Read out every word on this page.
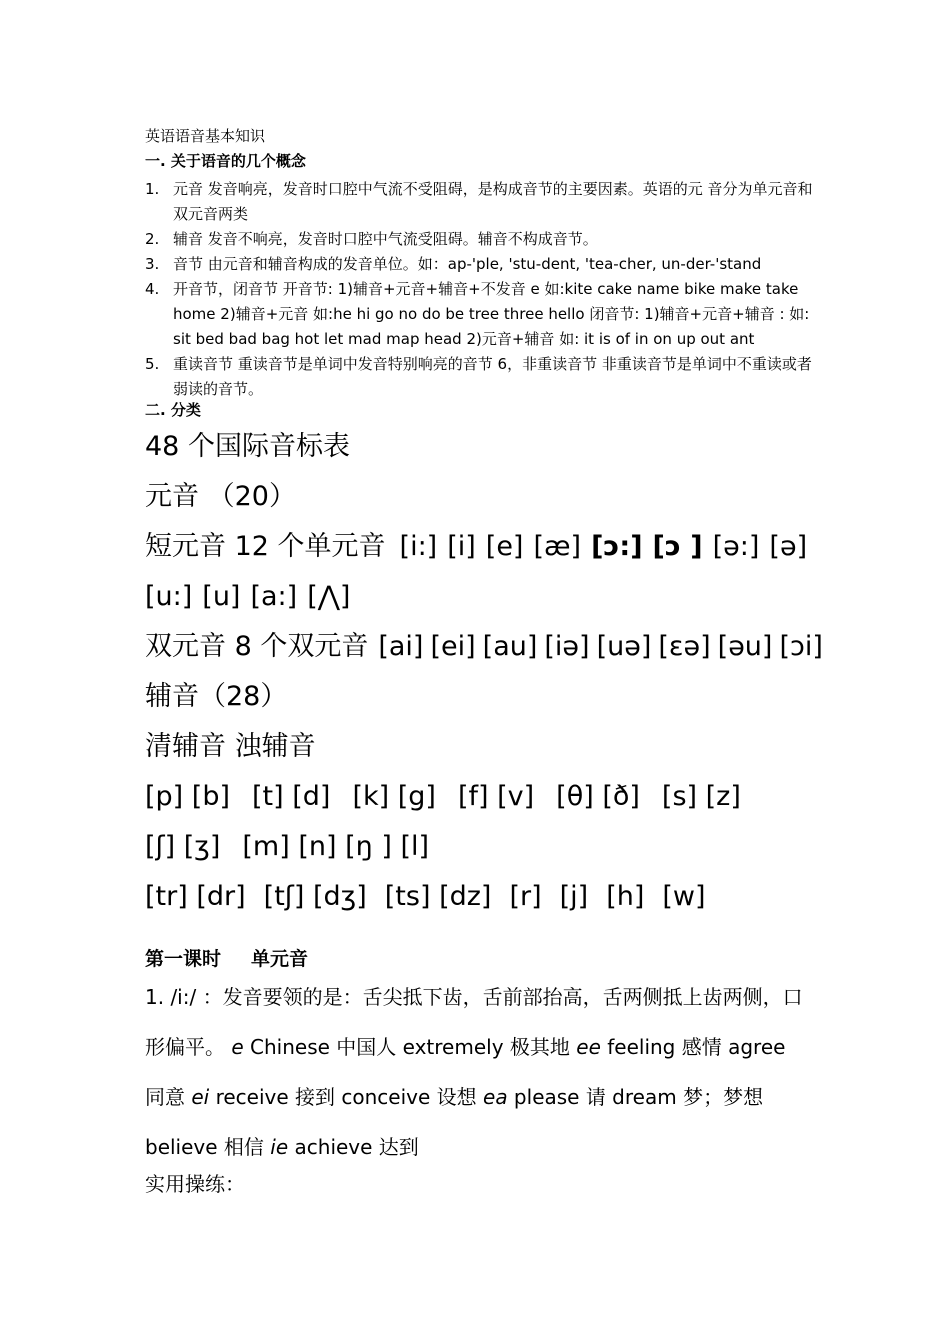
英语语音基本知识
一. 关于语音的几个概念
1. 元音 发音响亮，发音时口腔中气流不受阻碍，是构成音节的主要因素。英语的元 音分为单元音和双元音两类
2. 辅音 发音不响亮，发音时口腔中气流受阻碍。辅音不构成音节。
3. 音节 由元音和辅音构成的发音单位。如：ap-'ple, 'stu-dent, 'tea-cher, un-der-'stand
4. 开音节，闭音节 开音节: 1)辅音+元音+辅音+不发音 e 如:kite cake name bike make take home 2)辅音+元音 如:he hi go no do be tree three hello 闭音节: 1)辅音+元音+辅音 : 如: sit bed bad bag hot let mad map head 2)元音+辅音 如: it is of in on up out ant
5. 重读音节 重读音节是单词中发音特别响亮的音节 6，非重读音节 非重读音节是单词中不重读或者弱读的音节。
二. 分类
48 个国际音标表
元音 （20）
短元音 12 个单元音 [i:] [i] [e] [æ] [ɔ:] [ɔ ] [ə:] [ə]
[u:] [u] [a:] [⋀]
双元音 8 个双元音 [ai] [ei] [au] [iə] [uə] [εə] [əu] [ɔi]
辅音（28）
清辅音 浊辅音
[p] [b] [t] [d] [k] [g] [f] [v] [θ] [ð] [s] [z]
[ʃ] [ʒ] [m] [n] [ŋ ] [l]
[tr] [dr] [tʃ] [dʒ] [ts] [dz] [r] [j] [h] [w]
第一课时 单元音
1. /i:/ ：发音要领的是：舌尖抵下齿，舌前部抬高，舌两侧抵上齿两侧，口形偏平。 e Chinese 中国人 extremely 极其地 ee feeling 感情 agree 同意 ei receive 接到 conceive 设想 ea please 请 dream 梦；梦想 believe 相信 ie achieve 达到
实用操练：
